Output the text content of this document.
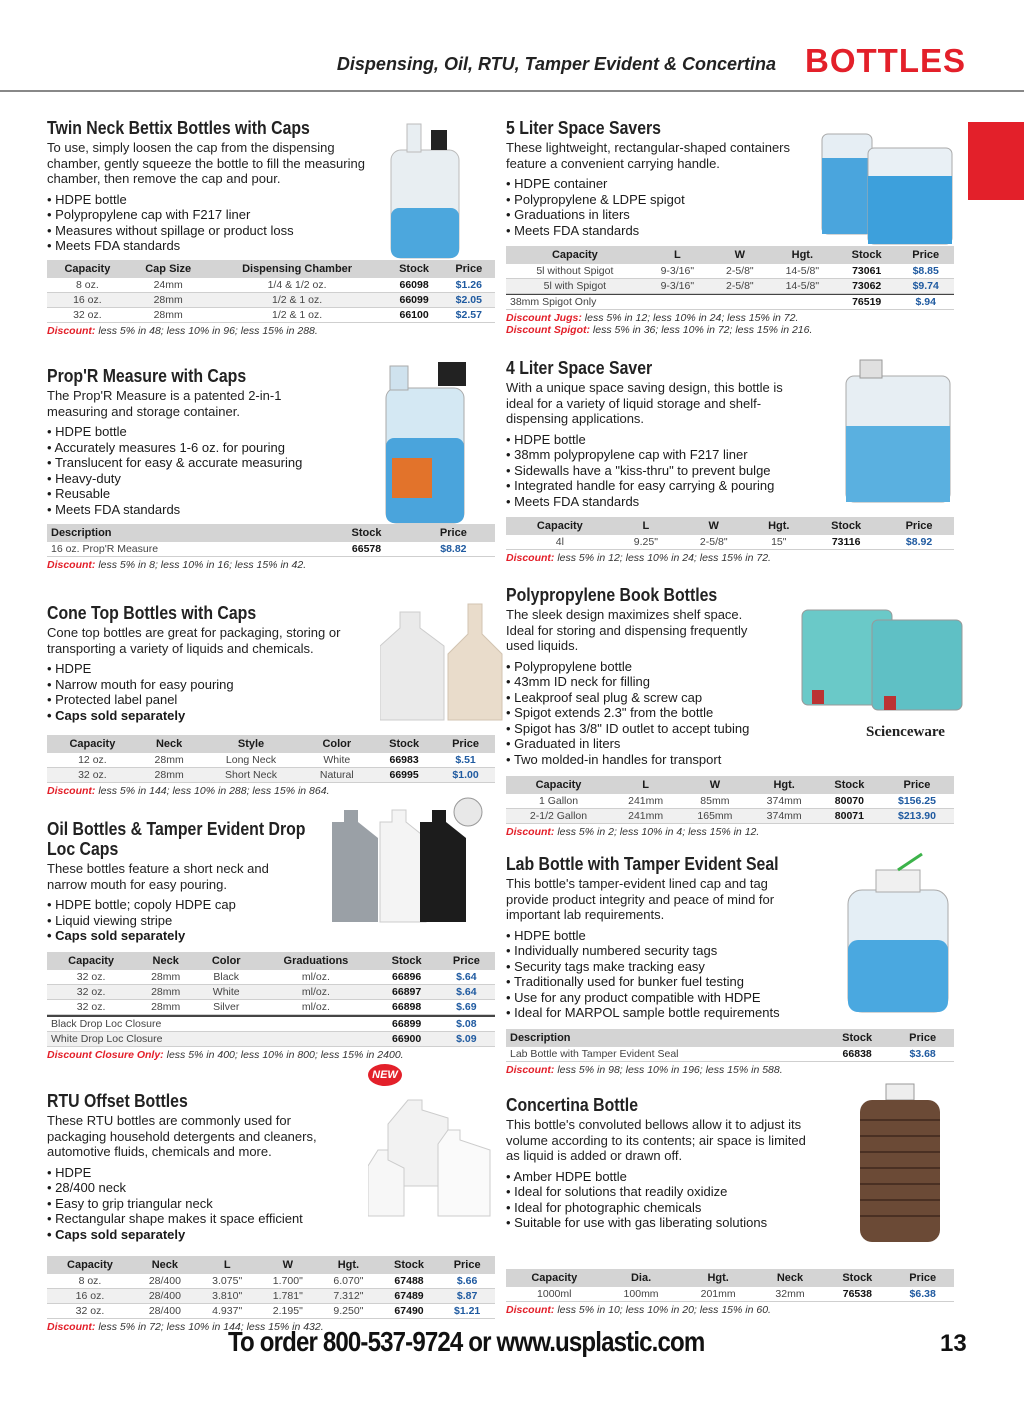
Dispensing, Oil, RTU, Tamper Evident & Concertina BOTTLES
Twin Neck Bettix Bottles with Caps
To use, simply loosen the cap from the dispensing chamber, gently squeeze the bottle to fill the measuring chamber, then remove the cap and pour.
• HDPE bottle
• Polypropylene cap with F217 liner
• Measures without spillage or product loss
• Meets FDA standards
Capacity	Cap Size	Dispensing Chamber	Stock	Price
8 oz.	24mm	1/4 & 1/2 oz.	66098	$1.26
16 oz.	28mm	1/2 & 1 oz.	66099	$2.05
32 oz.	28mm	1/2 & 1 oz.	66100	$2.57
Discount: less 5% in 48; less 10% in 96; less 15% in 288.
Prop'R Measure with Caps
The Prop'R Measure is a patented 2-in-1 measuring and storage container.
• HDPE bottle
• Accurately measures 1-6 oz. for pouring
• Translucent for easy & accurate measuring
• Heavy-duty
• Reusable
• Meets FDA standards
Description	Stock	Price
16 oz. Prop'R Measure	66578	$8.82
Discount: less 5% in 8; less 10% in 16; less 15% in 42.
Cone Top Bottles with Caps
Cone top bottles are great for packaging, storing or transporting a variety of liquids and chemicals.
• HDPE
• Narrow mouth for easy pouring
• Protected label panel
• Caps sold separately
Capacity	Neck	Style	Color	Stock	Price
12 oz.	28mm	Long Neck	White	66983	$.51
32 oz.	28mm	Short Neck	Natural	66995	$1.00
Discount: less 5% in 144; less 10% in 288; less 15% in 864.
Oil Bottles & Tamper Evident Drop Loc Caps
These bottles feature a short neck and narrow mouth for easy pouring.
• HDPE bottle; copoly HDPE cap
• Liquid viewing stripe
• Caps sold separately
Capacity	Neck	Color	Graduations	Stock	Price
32 oz.	28mm	Black	ml/oz.	66896	$.64
32 oz.	28mm	White	ml/oz.	66897	$.64
32 oz.	28mm	Silver	ml/oz.	66898	$.69

Black Drop Loc Closure				66899	$.08
White Drop Loc Closure				66900	$.09
Discount Closure Only: less 5% in 400; less 10% in 800; less 15% in 2400.
RTU Offset Bottles
These RTU bottles are commonly used for packaging household detergents and cleaners, automotive fluids, chemicals and more.
• HDPE
• 28/400 neck
• Easy to grip triangular neck
• Rectangular shape makes it space efficient
• Caps sold separately
Capacity	Neck	L	W	Hgt.	Stock	Price
8 oz.	28/400	3.075"	1.700"	6.070"	67488	$.66
16 oz.	28/400	3.810"	1.781"	7.312"	67489	$.87
32 oz.	28/400	4.937"	2.195"	9.250"	67490	$1.21
Discount: less 5% in 72; less 10% in 144; less 15% in 432.
5 Liter Space Savers
These lightweight, rectangular-shaped containers feature a convenient carrying handle.
• HDPE container
• Polypropylene & LDPE spigot
• Graduations in liters
• Meets FDA standards
Capacity	L	W	Hgt.	Stock	Price
5l without Spigot	9-3/16"	2-5/8"	14-5/8"	73061	$8.85
5l with Spigot	9-3/16"	2-5/8"	14-5/8"	73062	$9.74

38mm Spigot Only				76519	$.94
Discount Jugs: less 5% in 12; less 10% in 24; less 15% in 72.
Discount Spigot: less 5% in 36; less 10% in 72; less 15% in 216.
4 Liter Space Saver
With a unique space saving design, this bottle is ideal for a variety of liquid storage and shelf-dispensing applications.
• HDPE bottle
• 38mm polypropylene cap with F217 liner
• Sidewalls have a "kiss-thru" to prevent bulge
• Integrated handle for easy carrying & pouring
• Meets FDA standards
Capacity	L	W	Hgt.	Stock	Price
4l	9.25"	2-5/8"	15"	73116	$8.92
Discount: less 5% in 12; less 10% in 24; less 15% in 72.
Polypropylene Book Bottles
The sleek design maximizes shelf space. Ideal for storing and dispensing frequently used liquids.
• Polypropylene bottle
• 43mm ID neck for filling
• Leakproof seal plug & screw cap
• Spigot extends 2.3" from the bottle
• Spigot has 3/8" ID outlet to accept tubing
• Graduated in liters
• Two molded-in handles for transport
Capacity	L	W	Hgt.	Stock	Price
1 Gallon	241mm	85mm	374mm	80070	$156.25
2-1/2 Gallon	241mm	165mm	374mm	80071	$213.90
Discount: less 5% in 2; less 10% in 4; less 15% in 12.
Lab Bottle with Tamper Evident Seal
This bottle's tamper-evident lined cap and tag provide product integrity and peace of mind for important lab requirements.
• HDPE bottle
• Individually numbered security tags
• Security tags make tracking easy
• Traditionally used for bunker fuel testing
• Use for any product compatible with HDPE
• Ideal for MARPOL sample bottle requirements
Description	Stock	Price
Lab Bottle with Tamper Evident Seal	66838	$3.68
Discount: less 5% in 98; less 10% in 196; less 15% in 588.
Concertina Bottle
This bottle's convoluted bellows allow it to adjust its volume according to its contents; air space is limited as liquid is added or drawn off.
• Amber HDPE bottle
• Ideal for solutions that readily oxidize
• Ideal for photographic chemicals
• Suitable for use with gas liberating solutions
Capacity	Dia.	Hgt.	Neck	Stock	Price
1000ml	100mm	201mm	32mm	76538	$6.38
Discount: less 5% in 10; less 10% in 20; less 15% in 60.
NEW
Scienceware
To order 800-537-9724 or www.usplastic.com	13
